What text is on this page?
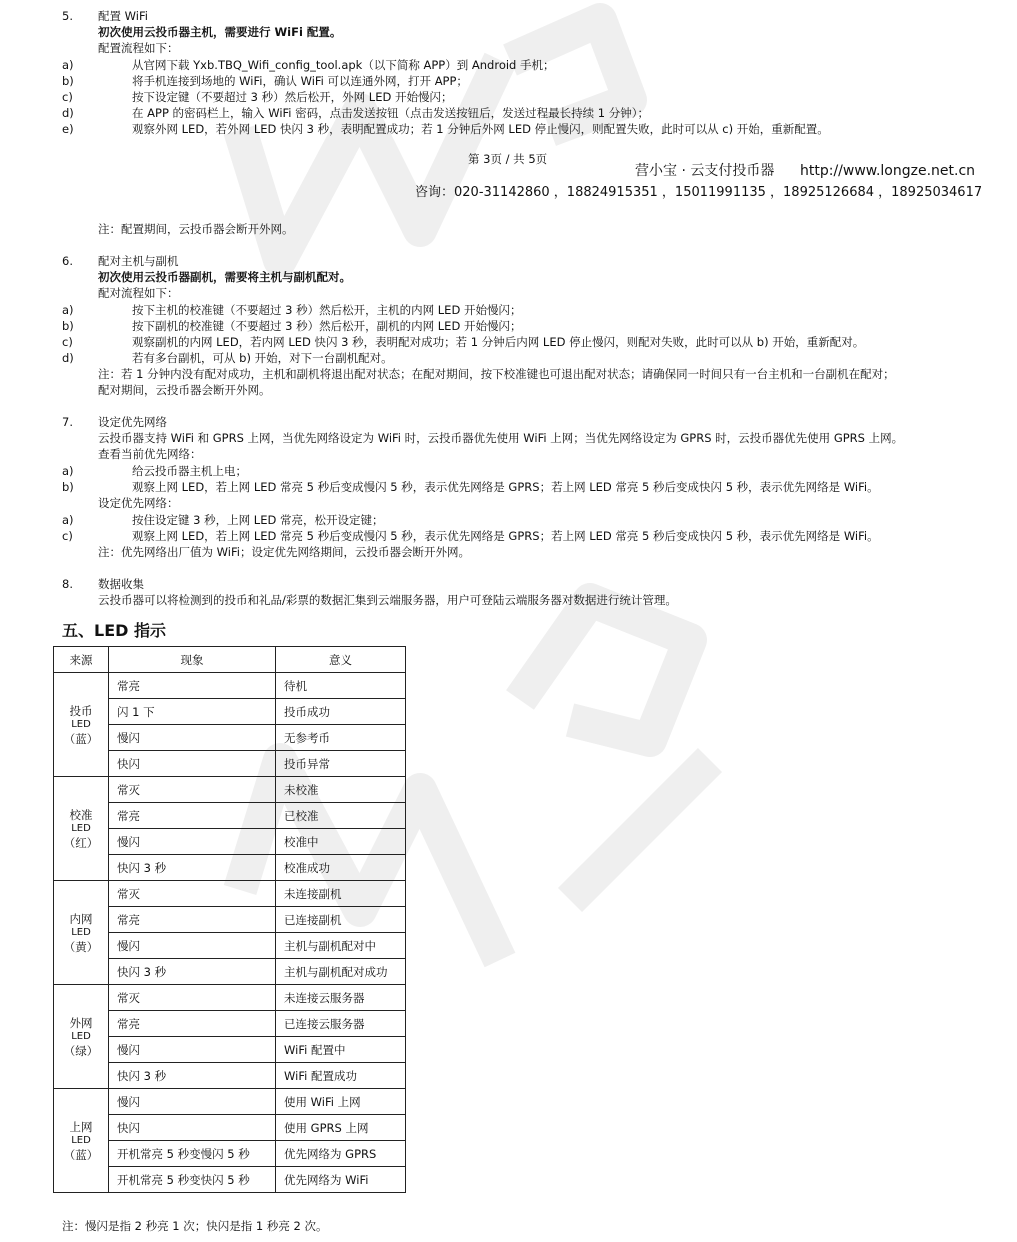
5. 配置 WiFi
初次使用云投币器主机，需要进行 WiFi 配置。
配置流程如下：
a)	从官网下载 Yxb.TBQ_Wifi_config_tool.apk（以下简称 APP）到 Android 手机；
b)	将手机连接到场地的 WiFi，确认 WiFi 可以连通外网，打开 APP；
c)	按下设定键（不要超过 3 秒）然后松开，外网 LED 开始慢闪；
d)	在 APP 的密码栏上，输入 WiFi 密码，点击发送按钮（点击发送按钮后，发送过程最长持续 1 分钟）；
e)	观察外网 LED，若外网 LED 快闪 3 秒，表明配置成功；若 1 分钟后外网 LED 停止慢闪，则配置失败，此时可以从 c) 开始，重新配置。
第 3页 / 共 5页
营小宝 · 云支付投币器 http://www.longze.net.cn
咨询：020-31142860 ，18824915351 ，15011991135 ，18925126684 ，18925034617
注：配置期间，云投币器会断开外网。
6. 配对主机与副机
初次使用云投币器副机，需要将主机与副机配对。
配对流程如下：
a)	按下主机的校准键（不要超过 3 秒）然后松开，主机的内网 LED 开始慢闪；
b)	按下副机的校准键（不要超过 3 秒）然后松开，副机的内网 LED 开始慢闪；
c)	观察副机的内网 LED，若内网 LED 快闪 3 秒，表明配对成功；若 1 分钟后内网 LED 停止慢闪，则配对失败，此时可以从 b) 开始，重新配对。
d)	若有多台副机，可从 b) 开始，对下一台副机配对。
注：若 1 分钟内没有配对成功，主机和副机将退出配对状态；在配对期间，按下校准键也可退出配对状态；请确保同一时间只有一台主机和一台副机在配对；
配对期间，云投币器会断开外网。
7. 设定优先网络
云投币器支持 WiFi 和 GPRS 上网，当优先网络设定为 WiFi 时，云投币器优先使用 WiFi 上网；当优先网络设定为 GPRS 时，云投币器优先使用 GPRS 上网。
查看当前优先网络：
a)	给云投币器主机上电；
b)	观察上网 LED，若上网 LED 常亮 5 秒后变成慢闪 5 秒，表示优先网络是 GPRS；若上网 LED 常亮 5 秒后变成快闪 5 秒，表示优先网络是 WiFi。
设定优先网络：
a)	按住设定键 3 秒，上网 LED 常亮，松开设定键；
c)	观察上网 LED，若上网 LED 常亮 5 秒后变成慢闪 5 秒，表示优先网络是 GPRS；若上网 LED 常亮 5 秒后变成快闪 5 秒，表示优先网络是 WiFi。
注：优先网络出厂值为 WiFi；设定优先网络期间，云投币器会断开外网。
8. 数据收集
云投币器可以将检测到的投币和礼品/彩票的数据汇集到云端服务器，用户可登陆云端服务器对数据进行统计管理。
五、LED 指示
来源	现象	意义

投币
LED
（蓝）	常亮	待机
	闪 1 下	投币成功
	慢闪	无参考币
	快闪	投币异常

校准
LED
（红）	常灭	未校准
	常亮	已校准
	慢闪	校准中
	快闪 3 秒	校准成功

内网
LED
（黄）	常灭	未连接副机
	常亮	已连接副机
	慢闪	主机与副机配对中
	快闪 3 秒	主机与副机配对成功

外网
LED
（绿）	常灭	未连接云服务器
	常亮	已连接云服务器
	慢闪	WiFi 配置中
	快闪 3 秒	WiFi 配置成功

上网
LED
（蓝）	慢闪	使用 WiFi 上网
	快闪	使用 GPRS 上网
	开机常亮 5 秒变慢闪 5 秒	优先网络为 GPRS
	开机常亮 5 秒变快闪 5 秒	优先网络为 WiFi
注：慢闪是指 2 秒亮 1 次；快闪是指 1 秒亮 2 次。
